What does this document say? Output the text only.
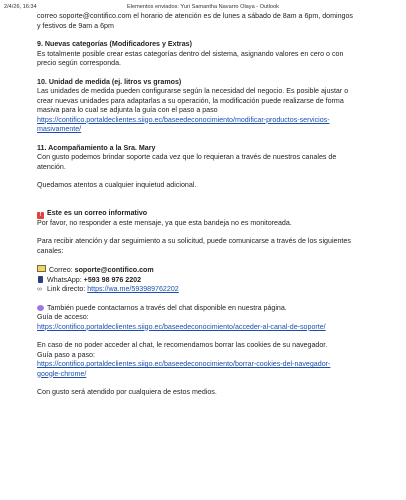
2/4/26, 16:34	Elementos enviados: Yuri Samantha Navarro Olaya - Outlook

correo soporte@contifico.com el horario de atención es de lunes a sábado de 8am a 6pm, domingos

y festivos de 9am a 6pm

9. Nuevas categorías (Modificadores y Extras)

Es totalmente posible crear estas categorías dentro del sistema, asignando valores en cero o con

precio según corresponda.

10. Unidad de medida (ej. litros vs gramos)

Las unidades de medida pueden configurarse según la necesidad del negocio. Es posible ajustar o

crear nuevas unidades para adaptarlas a su operación, la modificación puede realizarse de forma

masiva para lo cual se adjunta la guía con el paso a paso

https://contifico.portaldeclientes.siigo.ec/baseedeconocimiento/modificar-productos-servicios-

masivamente/

11. Acompañamiento a la Sra. Mary

Con gusto podemos brindar soporte cada vez que lo requieran a través de nuestros canales de

atención.

Quedamos atentos a cualquier inquietud adicional.

! Este es un correo informativo

Por favor, no responder a este mensaje, ya que esta bandeja no es monitoreada.

Para recibir atención y dar seguimiento a su solicitud, puede comunicarse a través de los siguientes

canales:

Correo: soporte@contifico.com

WhatsApp: +593 98 976 2202

∞ Link directo: https://wa.me/593989762202

También puede contactarnos a través del chat disponible en nuestra página.

Guía de acceso:

https://contifico.portaldeclientes.siigo.ec/baseedeconocimiento/acceder-al-canal-de-soporte/

En caso de no poder acceder al chat, le recomendamos borrar las cookies de su navegador.

Guía paso a paso:

https://contifico.portaldeclientes.siigo.ec/baseedeconocimiento/borrar-cookies-del-navegador-

google-chrome/

Con gusto será atendido por cualquiera de estos medios.
